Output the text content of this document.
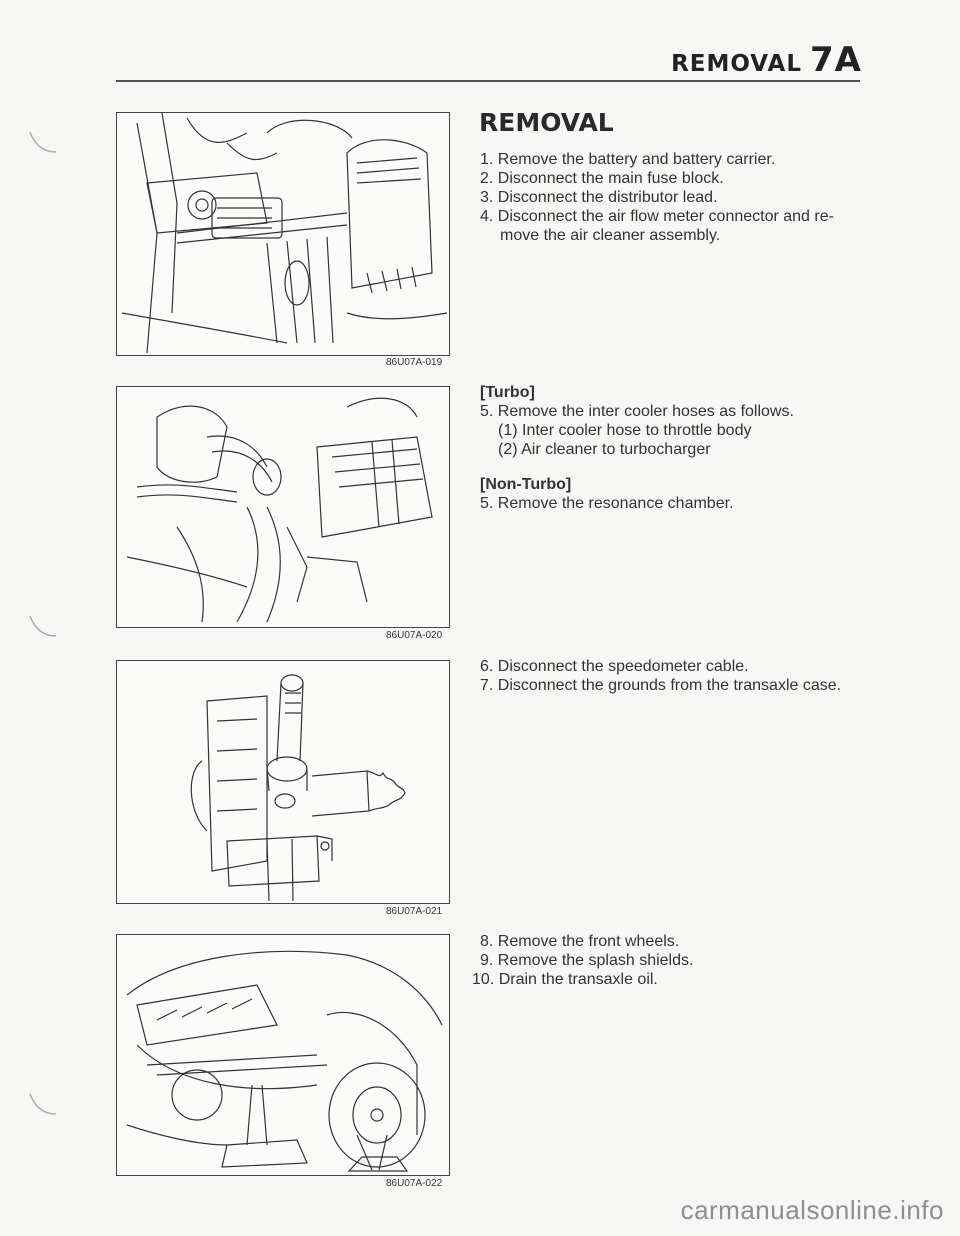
REMOVAL 7A
86U07A-019
86U07A-020
86U07A-021
86U07A-022
REMOVAL
1. Remove the battery and battery carrier.
2. Disconnect the main fuse block.
3. Disconnect the distributor lead.
4. Disconnect the air flow meter connector and re-
move the air cleaner assembly.
[Turbo]
5. Remove the inter cooler hoses as follows.
(1) Inter cooler hose to throttle body
(2) Air cleaner to turbocharger
[Non-Turbo]
5. Remove the resonance chamber.
6. Disconnect the speedometer cable.
7. Disconnect the grounds from the transaxle case.
8. Remove the front wheels.
9. Remove the splash shields.
10. Drain the transaxle oil.
carmanualsonline.info
